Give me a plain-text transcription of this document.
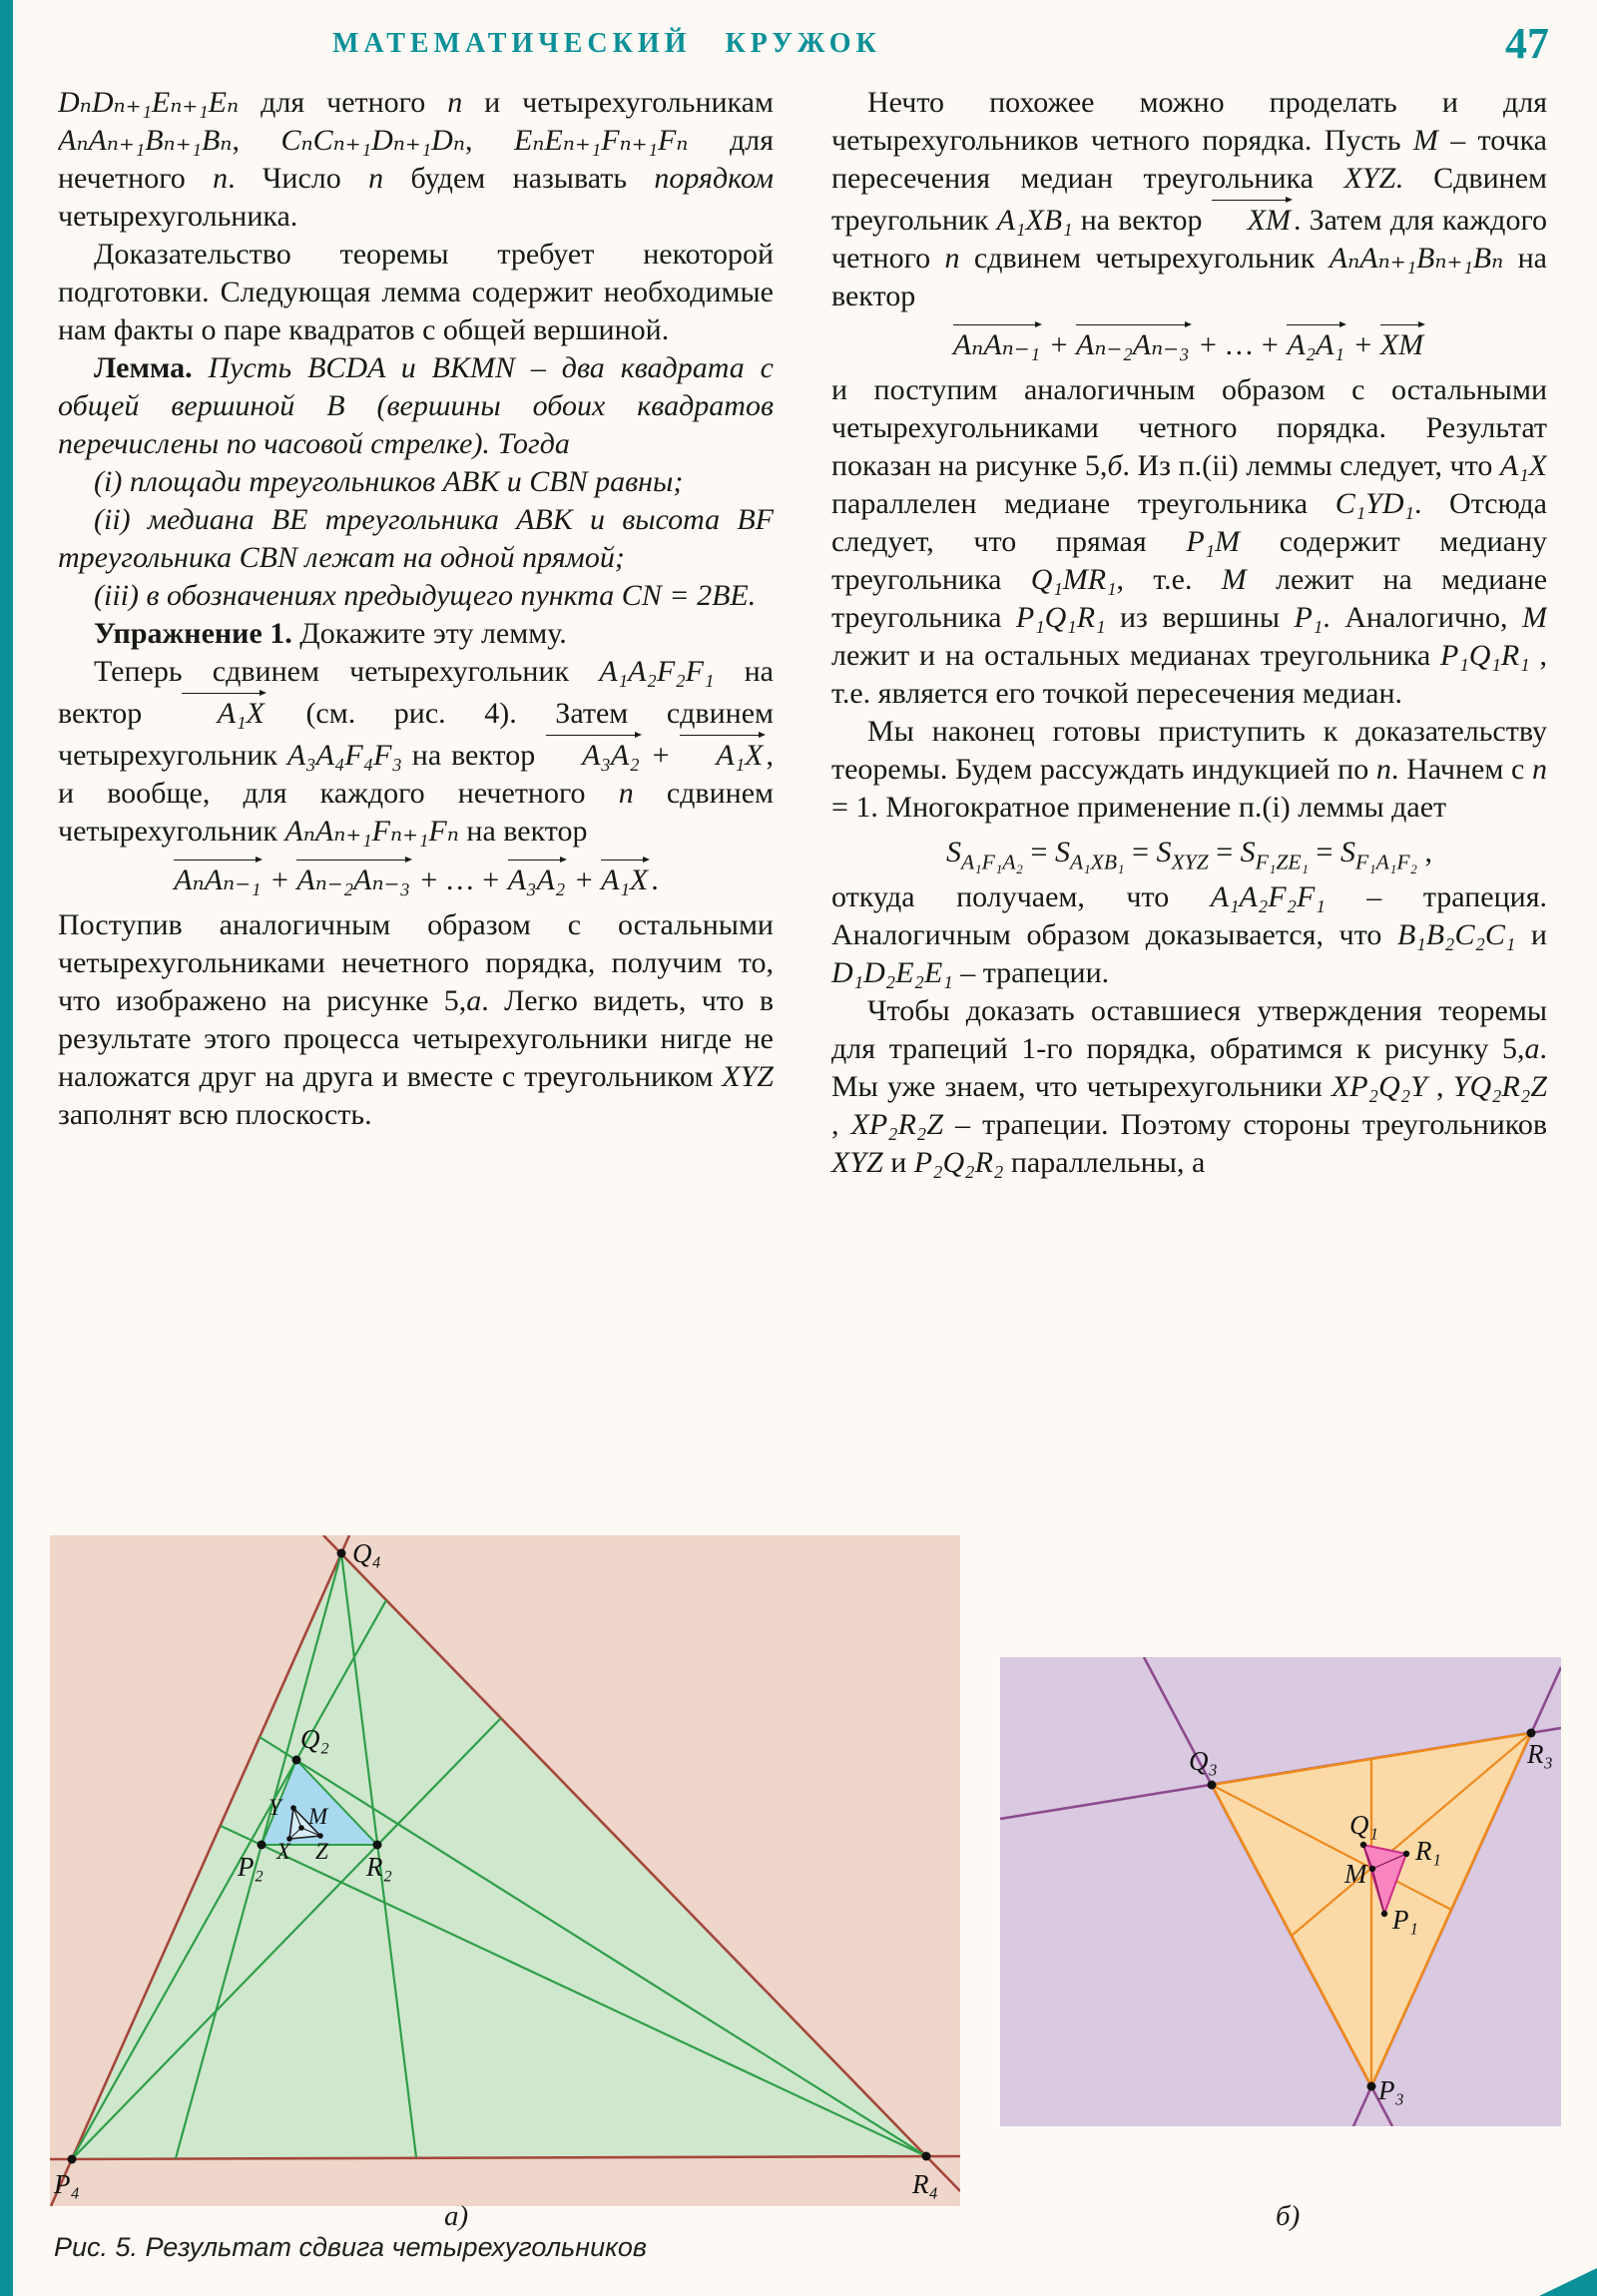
МАТЕМАТИЧЕСКИЙ КРУЖОК	47

DₙDₙ₊₁Eₙ₊₁Eₙ для четного n и четырехугольникам AₙAₙ₊₁Bₙ₊₁Bₙ, CₙCₙ₊₁Dₙ₊₁Dₙ, EₙEₙ₊₁Fₙ₊₁Fₙ для нечетного n. Число n будем называть порядком четырехугольника.

Доказательство теоремы требует некоторой подготовки. Следующая лемма содержит необходимые нам факты о паре квадратов с общей вершиной.

Лемма. Пусть BCDA и BKMN – два квадрата с общей вершиной B (вершины обоих квадратов перечислены по часовой стрелке). Тогда

(i) площади треугольников ABK и CBN равны;

(ii) медиана BE треугольника ABK и высота BF треугольника CBN лежат на одной прямой;

(iii) в обозначениях предыдущего пункта CN = 2BE.

Упражнение 1. Докажите эту лемму.

Теперь сдвинем четырехугольник A₁A₂F₂F₁ на вектор A₁X (см. рис. 4). Затем сдвинем четырехугольник A₃A₄F₄F₃ на вектор A₃A₂ + A₁X , и вообще, для каждого нечетного n сдвинем четырехугольник AₙAₙ₊₁Fₙ₊₁Fₙ на вектор

AₙAₙ₋₁ + Aₙ₋₂Aₙ₋₃ + … + A₃A₂ + A₁X .

Поступив аналогичным образом с остальными четырехугольниками нечетного порядка, получим то, что изображено на рисунке 5,а. Легко видеть, что в результате этого процесса четырехугольники нигде не наложатся друг на друга и вместе с треугольником XYZ заполнят всю плоскость.

Нечто похожее можно проделать и для четырехугольников четного порядка. Пусть M – точка пересечения медиан треугольника XYZ. Сдвинем треугольник A₁XB₁ на вектор XM . Затем для каждого четного n сдвинем четырехугольник AₙAₙ₊₁Bₙ₊₁Bₙ на вектор

AₙAₙ₋₁ + Aₙ₋₂Aₙ₋₃ + … + A₂A₁ + XM

и поступим аналогичным образом с остальными четырехугольниками четного порядка. Результат показан на рисунке 5,б. Из п.(ii) леммы следует, что A₁X параллелен медиане треугольника C₁YD₁. Отсюда следует, что прямая P₁M содержит медиану треугольника Q₁MR₁, т.е. M лежит на медиане треугольника P₁Q₁R₁ из вершины P₁. Аналогично, M лежит и на остальных медианах треугольника P₁Q₁R₁ , т.е. является его точкой пересечения медиан.

Мы наконец готовы приступить к доказательству теоремы. Будем рассуждать индукцией по n. Начнем с n = 1. Многократное применение п.(i) леммы дает

$S_{A_1F_1A_2} = S_{A_1XB_1} = S_{XYZ} = S_{F_1ZE_1} = S_{F_1A_1F_2}$ ,

откуда получаем, что A₁A₂F₂F₁ – трапеция. Аналогичным образом доказывается, что B₁B₂C₂C₁ и D₁D₂E₂E₁ – трапеции.

Чтобы доказать оставшиеся утверждения теоремы для трапеций 1-го порядка, обратимся к рисунку 5,а. Мы уже знаем, что четырехугольники XP₂Q₂Y , YQ₂R₂Z , XP₂R₂Z – трапеции. Поэтому стороны треугольников XYZ и P₂Q₂R₂ параллельны, а

Q₄
P₄	R₄
Q₂
P₂	R₂
Y M
X Z
Q₃	R₃
P₃
Q₁
R₁
M
P₁
а)	б)
Рис. 5. Результат сдвига четырехугольников
